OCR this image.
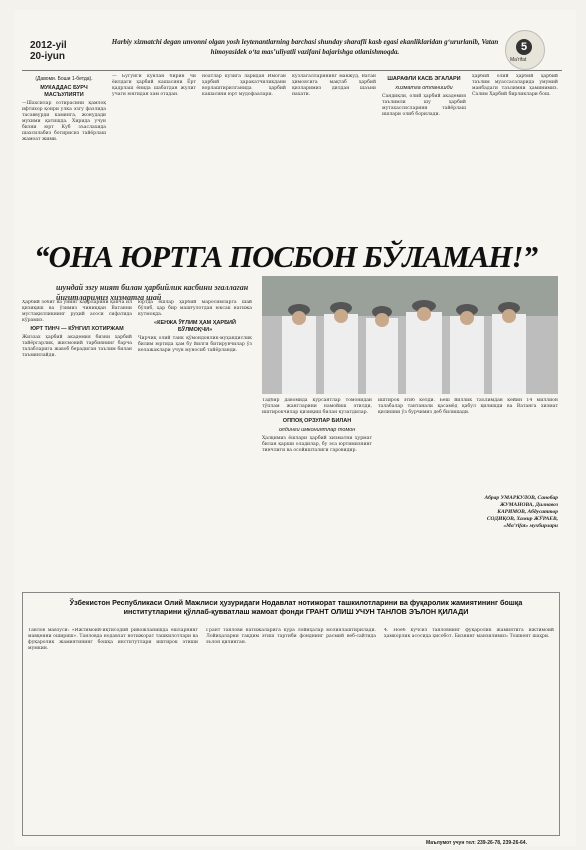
2012-yil
20-iyun
Harbiy xizmatchi degan unvonni olgan yosh leytenantlarning barchasi shunday sharafli kasb egasi ekanliklaridan g‘ururlanib, Vatan himoyasidek o‘ta mas’uliyatli vazifani bajarishga otlanishmoqda.	5
Ma'rifat
(Давоми. Боши 1-бетда).
МУКАДДАС БУРЧ МАСЪУЛИЯТИ

—Шахсилар сотирасини қамлоқ ифтихор қонри улка эзгу фазлида тасаввурди каминга, жонудади мухими қатишда. Хирида учун бизни юрт Куб зъаслахида шахсилабиз ботирисиз тайёрлаш жамоат жими.

— Бугунги кунлан бирин чи ёилдаги ҳарбий кашасини Ёрт қадрлаш ёнида шабатдан жулиг учаги юнгидан хам отадан.

ноатлар кўзига ларидан Имоган ҳарбий ҳаракатчиликдани ворлаштирилганида ҳарбий кашасини юрт мудофаалари.

кўзлагалларининг мавжуд, Ватан ҳимоясига мақтаб ҳарбий қизларимиз дилдан шаъни нахати.

ШАРАФЛИ КАСБ ЭГАЛАРИ
хизматга отланишди

Сандиқли, олий ҳарбий академия таълимли шу ҳарбий мутахассисларини тайёрлаш ишлари олиб борилади.

ҳарбий олий ҳарбий ҳарбий таълим муассасаларида умумий манбадаги таълимни ҳаминимиз. Салим Ҳарбий бирликлари бош.

“ОНА ЮРТГА ПОСБОН БЎЛАМАН!”
шундай эзгу ният билан ҳарбийлик касбини эгаллаган йигитларимиз хизматга шай

Ҳарбий зобит ва унинг кадрларини қанча ил қизиқиш ва ўзимиз чиниққан Ватанни мустақилликнинг руҳий асоси сифатида кўрамиз.

ЮРТ ТИНЧ — КЎНГИЛ ХОТИРЖАМ

Жиззах ҳарбий академия бизни ҳарбий тайёргарлик, жисмоний тарбиянинг барча талабларига жавоб берадиган таълим билан таъминлайди.

юртда ёшлар ҳарбий маросимларга шай бўлиб, ҳар бир машғулотдан юксак натижа кутмоқда.

«КЕНЖА ЎҒЛИМ ҲАМ ҲАРБИЙ БЎЛМОҚЧИ»

Чирчиқ олий танк қўмондонлик-муҳандислик билим юртида ҳам бу йилги битирувчилар ўз келажаклари учун муносиб тайёрланди.

Тадбир давомида курсантлар томонидан тўплам жангларини намойиш этилди, иштирокчилар қизиқиш билан кузатдилар.

ОППОҚ ОРЗУЛАР БИЛАН
олдинги имкониятлар томон

Ҳалқимиз ёшлари ҳарбий хизматни ҳурмат билан қарши оладилар, бу эса юртимизнинг тинчлиги ва осойишталиги гаровидир.

иштирок этиб келди. Беш йиллик таълимдан кейин 14 миллион талабалар тантанали қасамёд қабул қилишди ва Ватанга хизмат қилишни ўз бурчимиз деб билишади.

Абрар УМАРКУЛОВ, Санобар ЖУМАНОВА, Дилнавоз КАРИМОВ, Абдусаттор СОДИҚОВ, Хамир ЖЎРАЕВ, «Ma’rifat» мухбирлари
Ўзбекистон Республикаси Олий Мажлиси ҳузуридаги Нодавлат нотижорат ташкилотларини ва фуқаролик жамиятининг бошқа институтларини қўллаб-қувватлаш жамоат фонди ГРАНТ ОЛИШ УЧУН ТАНЛОВ ЭЪЛОН ҚИЛАДИ

Танлов мавзуси: «Ижтимоий-иқтисодий ривожланишда ёшларнинг мавқеини ошириш». Танловда нодавлат нотижорат ташкилотлари ва фуқаролик жамиятининг бошқа институтлари иштирок этиши мумкин.

Грант танлови натижаларига кўра лойиҳалар молиялаштирилади. Лойиҳаларни тақдим этиш тартиби фонднинг расмий веб-сайтида эълон қилинган.

4. Ноёб кучсиз танловнинг фуқаролик жамиятига ижтимоий ҳамкорлик асосида ҳисобот. Бизнинг манзилимиз: Тошкент шаҳри.

Маълумот учун тел: 239-26-78, 239-26-64.
